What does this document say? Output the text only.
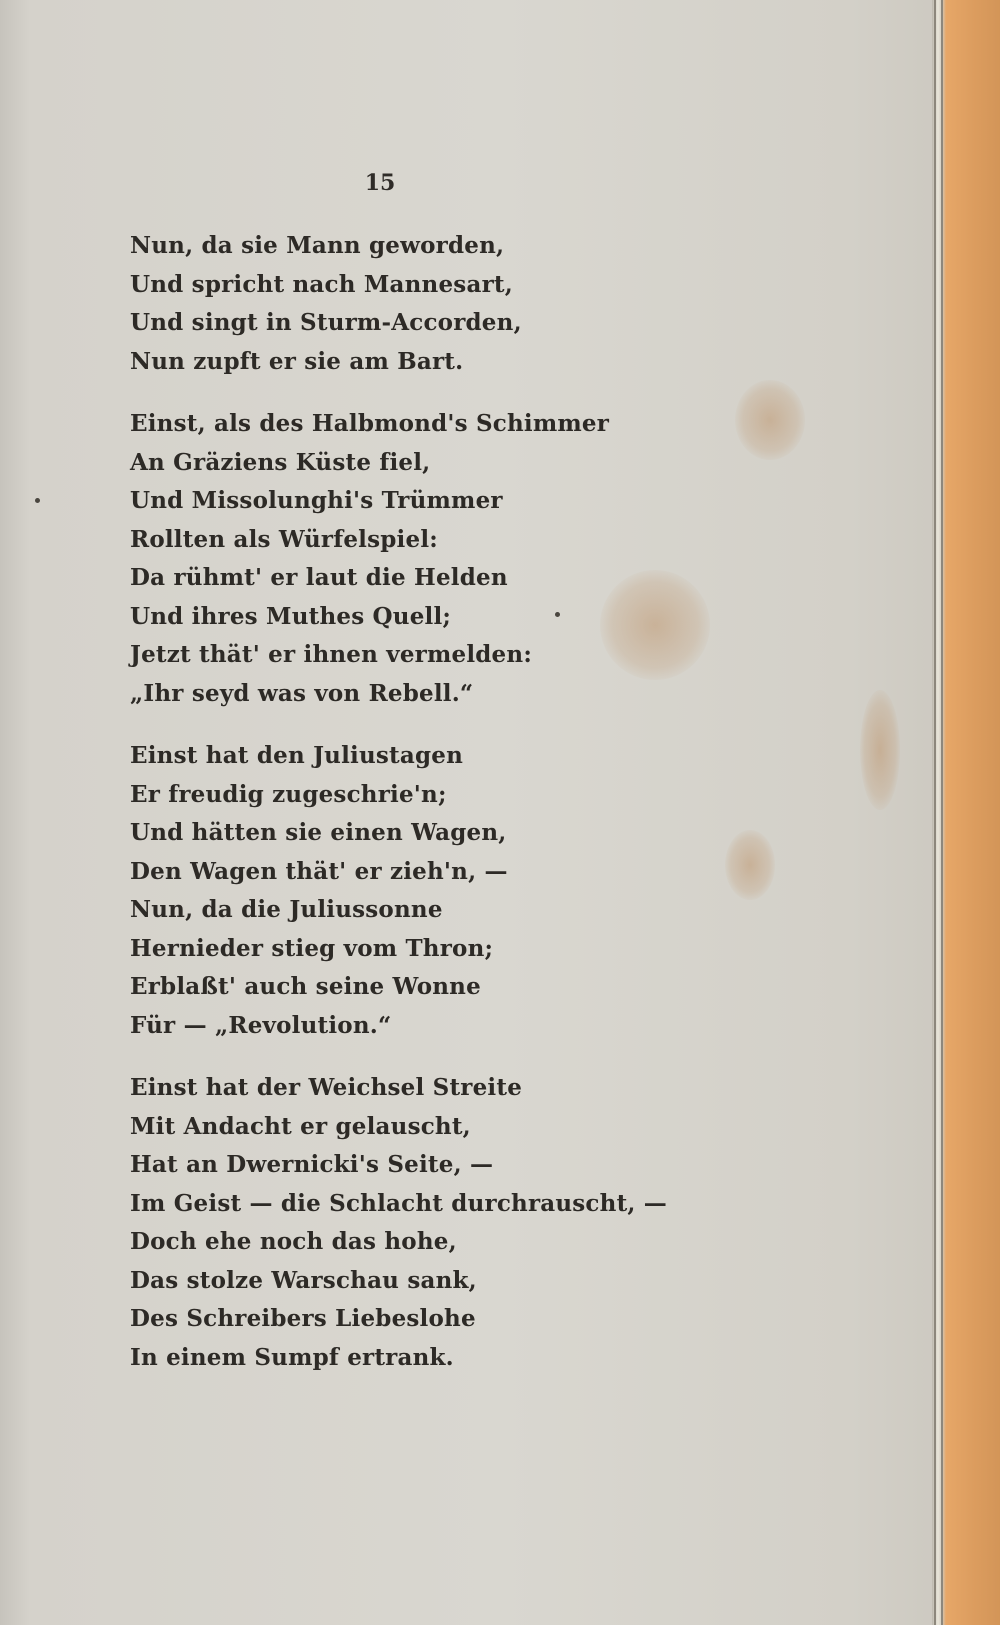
15
Nun, da sie Mann geworden,
Und spricht nach Mannesart,
Und singt in Sturm-Accorden,
Nun zupft er sie am Bart.
Einst, als des Halbmond's Schimmer
An Gräziens Küste fiel,
Und Missolunghi's Trümmer
Rollten als Würfelspiel:
Da rühmt' er laut die Helden
Und ihres Muthes Quell;
Jetzt thät' er ihnen vermelden:
„Ihr seyd was von Rebell.“
Einst hat den Juliustagen
Er freudig zugeschrie'n;
Und hätten sie einen Wagen,
Den Wagen thät' er zieh'n, —
Nun, da die Juliussonne
Hernieder stieg vom Thron;
Erblaßt' auch seine Wonne
Für — „Revolution.“
Einst hat der Weichsel Streite
Mit Andacht er gelauscht,
Hat an Dwernicki's Seite, —
Im Geist — die Schlacht durchrauscht, —
Doch ehe noch das hohe,
Das stolze Warschau sank,
Des Schreibers Liebeslohe
In einem Sumpf ertrank.
